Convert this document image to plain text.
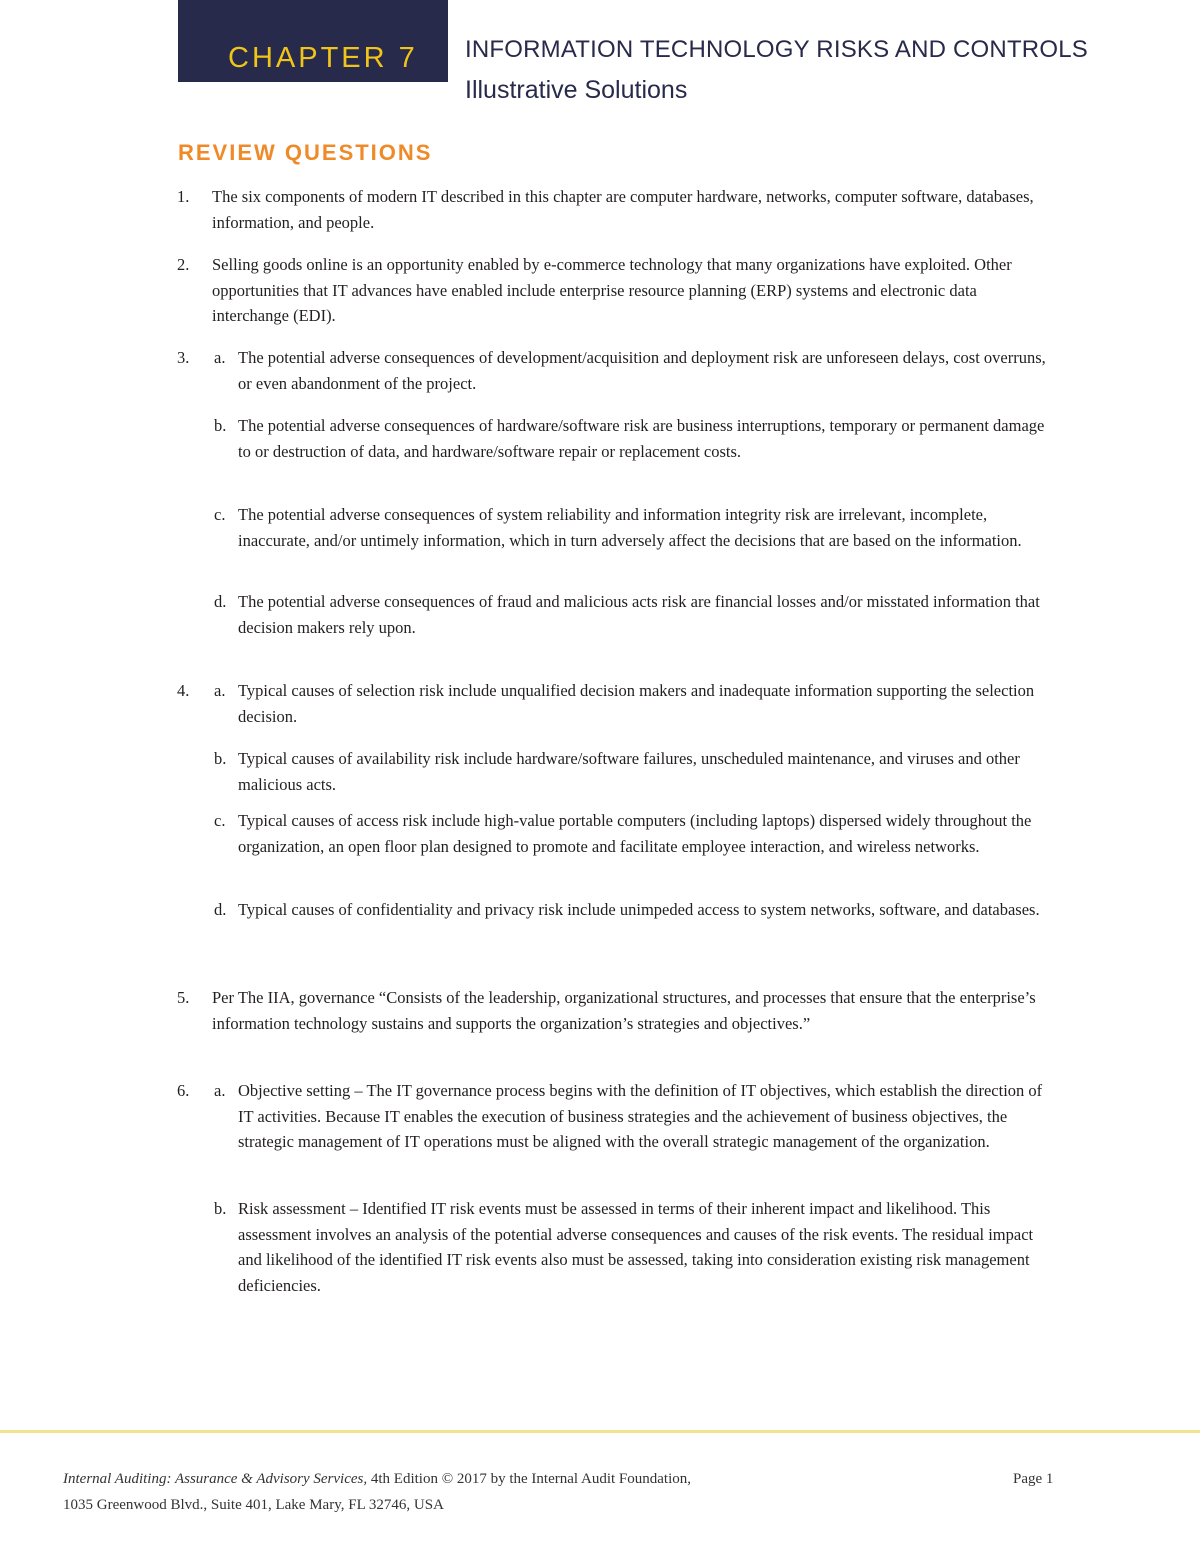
CHAPTER 7	INFORMATION TECHNOLOGY RISKS AND CONTROLS
Illustrative Solutions
REVIEW QUESTIONS
1. The six components of modern IT described in this chapter are computer hardware, networks, computer software, databases, information, and people.
2. Selling goods online is an opportunity enabled by e-commerce technology that many organizations have exploited. Other opportunities that IT advances have enabled include enterprise resource planning (ERP) systems and electronic data interchange (EDI).
3. a. The potential adverse consequences of development/acquisition and deployment risk are unforeseen delays, cost overruns, or even abandonment of the project.
b. The potential adverse consequences of hardware/software risk are business interruptions, temporary or permanent damage to or destruction of data, and hardware/software repair or replacement costs.
c. The potential adverse consequences of system reliability and information integrity risk are irrelevant, incomplete, inaccurate, and/or untimely information, which in turn adversely affect the decisions that are based on the information.
d. The potential adverse consequences of fraud and malicious acts risk are financial losses and/or misstated information that decision makers rely upon.
4. a. Typical causes of selection risk include unqualified decision makers and inadequate information supporting the selection decision.
b. Typical causes of availability risk include hardware/software failures, unscheduled maintenance, and viruses and other malicious acts.
c. Typical causes of access risk include high-value portable computers (including laptops) dispersed widely throughout the organization, an open floor plan designed to promote and facilitate employee interaction, and wireless networks.
d. Typical causes of confidentiality and privacy risk include unimpeded access to system networks, software, and databases.
5. Per The IIA, governance “Consists of the leadership, organizational structures, and processes that ensure that the enterprise’s information technology sustains and supports the organization’s strategies and objectives.”
6. a. Objective setting – The IT governance process begins with the definition of IT objectives, which establish the direction of IT activities. Because IT enables the execution of business strategies and the achievement of business objectives, the strategic management of IT operations must be aligned with the overall strategic management of the organization.
b. Risk assessment – Identified IT risk events must be assessed in terms of their inherent impact and likelihood. This assessment involves an analysis of the potential adverse consequences and causes of the risk events. The residual impact and likelihood of the identified IT risk events also must be assessed, taking into consideration existing risk management deficiencies.
Internal Auditing: Assurance & Advisory Services, 4th Edition © 2017 by the Internal Audit Foundation,
1035 Greenwood Blvd., Suite 401, Lake Mary, FL 32746, USA
Page 1
